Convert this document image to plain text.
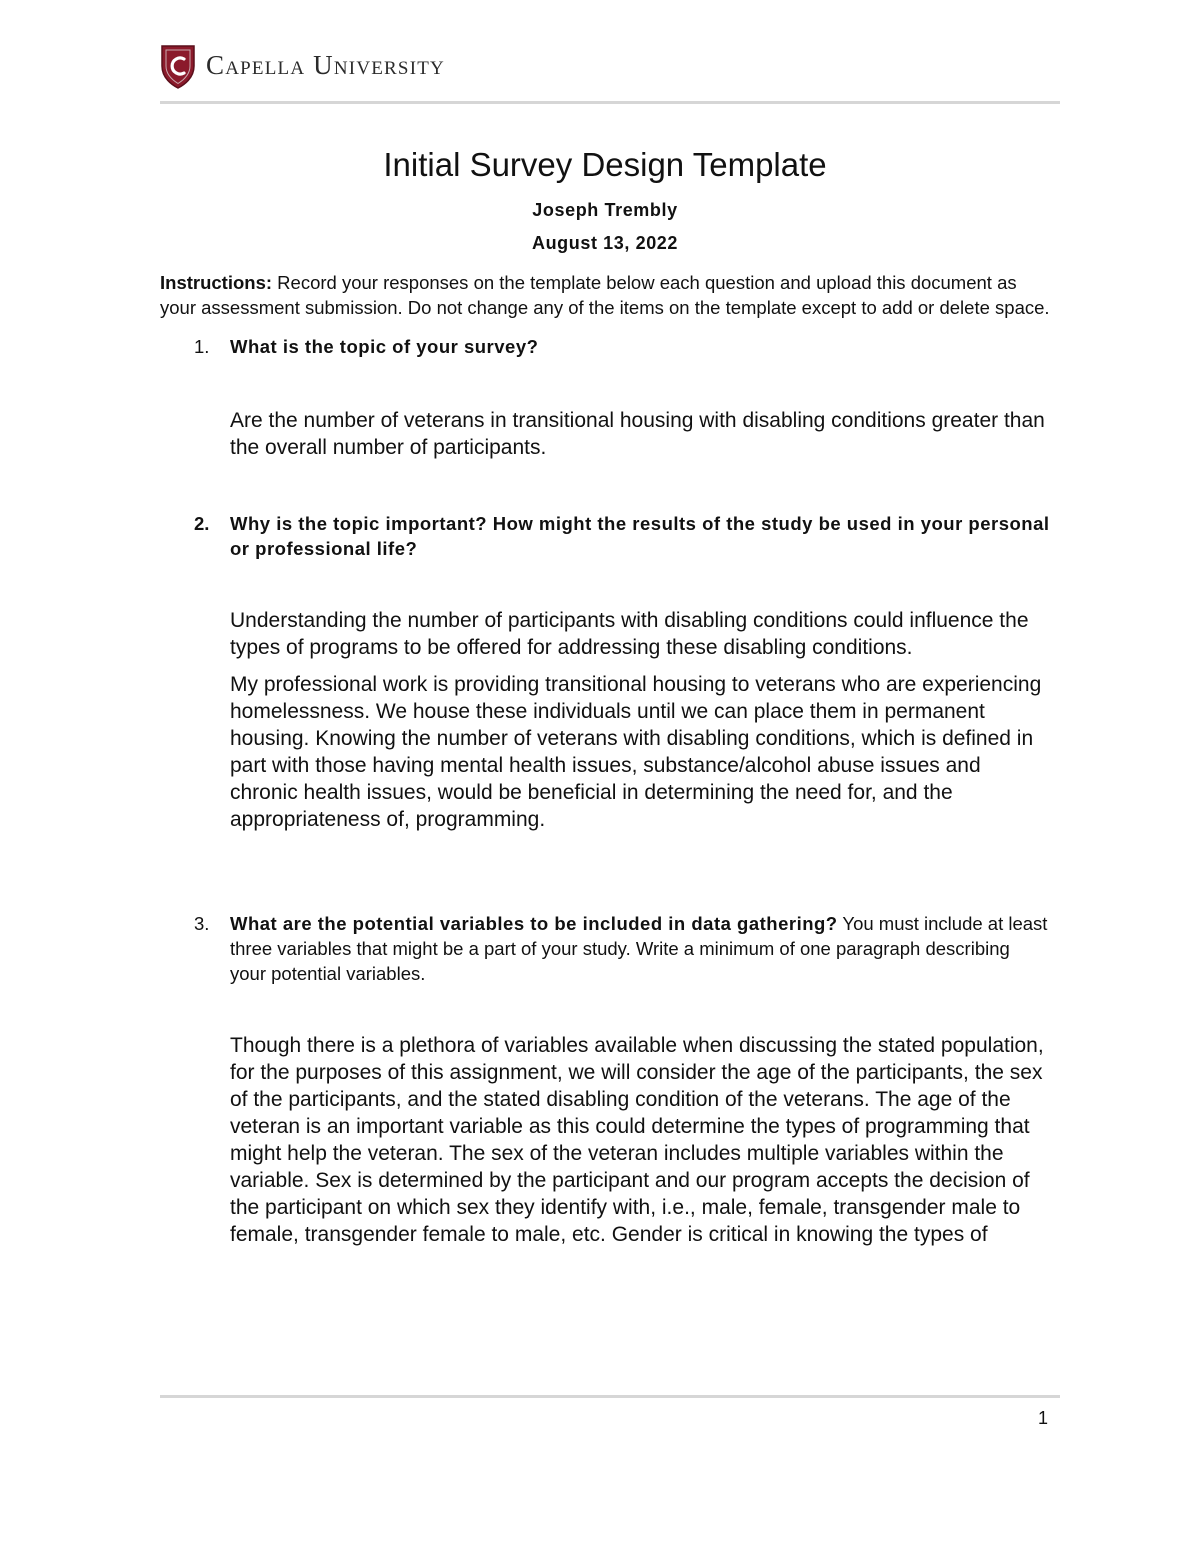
Capella University
Initial Survey Design Template
Joseph Trembly
August 13, 2022

Instructions: Record your responses on the template below each question and upload this document as your assessment submission. Do not change any of the items on the template except to add or delete space.

1. What is the topic of your survey?

Are the number of veterans in transitional housing with disabling conditions greater than the overall number of participants.

2. Why is the topic important? How might the results of the study be used in your personal or professional life?

Understanding the number of participants with disabling conditions could influence the types of programs to be offered for addressing these disabling conditions.

My professional work is providing transitional housing to veterans who are experiencing homelessness. We house these individuals until we can place them in permanent housing. Knowing the number of veterans with disabling conditions, which is defined in part with those having mental health issues, substance/alcohol abuse issues and chronic health issues, would be beneficial in determining the need for, and the appropriateness of, programming.

3. What are the potential variables to be included in data gathering? You must include at least three variables that might be a part of your study. Write a minimum of one paragraph describing your potential variables.

Though there is a plethora of variables available when discussing the stated population, for the purposes of this assignment, we will consider the age of the participants, the sex of the participants, and the stated disabling condition of the veterans. The age of the veteran is an important variable as this could determine the types of programming that might help the veteran. The sex of the veteran includes multiple variables within the variable. Sex is determined by the participant and our program accepts the decision of the participant on which sex they identify with, i.e., male, female, transgender male to female, transgender female to male, etc. Gender is critical in knowing the types of

1
